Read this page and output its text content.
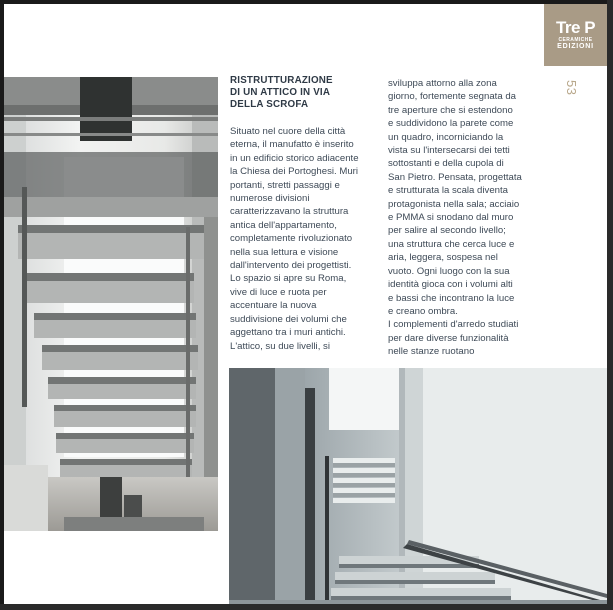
Tre P
CERAMICHE
EDIZIONI
53
RISTRUTTURAZIONE
DI UN ATTICO IN VIA
DELLA SCROFA
Situato nel cuore della città
eterna, il manufatto è inserito
in un edificio storico adiacente
la Chiesa dei Portoghesi. Muri
portanti, stretti passaggi e
numerose divisioni
caratterizzavano la struttura
antica dell'appartamento,
completamente rivoluzionato
nella sua lettura e visione
dall'intervento dei progettisti.
Lo spazio si apre su Roma,
vive di luce e ruota per
accentuare la nuova
suddivisione dei volumi che
aggettano tra i muri antichi.
L'attico, su due livelli, si
sviluppa attorno alla zona
giorno, fortemente segnata da
tre aperture che si estendono
e suddividono la parete come
un quadro, incorniciando la
vista su l'intersecarsi dei tetti
sottostanti e della cupola di
San Pietro. Pensata, progettata
e strutturata la scala diventa
protagonista nella sala; acciaio
e PMMA si snodano dal muro
per salire al secondo livello;
una struttura che cerca luce e
aria, leggera, sospesa nel
vuoto. Ogni luogo con la sua
identità gioca con i volumi alti
e bassi che incontrano la luce
e creano ombra.
I complementi d'arredo studiati
per dare diverse funzionalità
nelle stanze ruotano
